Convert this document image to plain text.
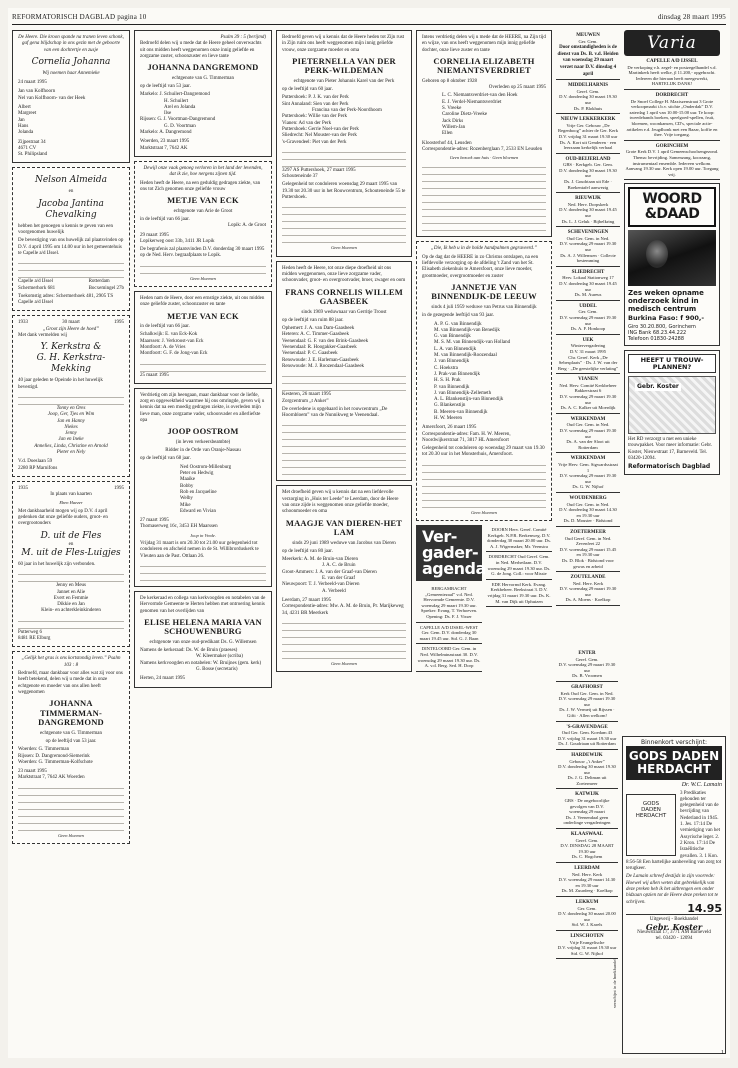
REFORMATORISCH DAGBLAD pagina 10	dinsdag 28 maart 1995
De Heere. Die kroon spande na tranen leven schonk, gaf gena blijdschap in ons gezin met de geboorte van een dochtertje en zusje
Cornelia Johanna
Wij noemen haar Annemieke
24 maart 1995
Jan van Kolfhoorn
Nel van Kolfhoorn- van der Heek
Albert
Margreet
Jan
Hans
Jolanda
Zijpestraat 34
4671 CV
St. Philipsland
Nelson Almeida
en
Jacoba Jantina Chevalking
hebben het genoegen u kennis te geven van een voorgenomen huwelijk
De bevestiging van ons huwelijk zal plaatsvinden op D.V. 4 april 1995 om 14.00 uur in het gemeentehuis te Capelle a/d IJssel.
Capelle a/d IJssel
Schermerhork 681
Rotterdam
Bocxemingel 27b
Toekomstig adres: Schermerhoek 481, 2905 TS Capelle a/d IJssel
1933	30 maart	1995
„Groot zijn Heere de hoed”
Met dank vermelden wij
Y. Kerkstra &
G. H. Kerkstra-Mekking
40 jaar geleden te Opeinde in het huwelijk bevestigd.
Tonny en Ores
Joop, Ger, Tjes en Wim
Jan en Hanny
Niekes
Jenny
Jan en Ineke
Annelies, Linda, Christine en Arnold
Pieter en Nely
V.d. Doeslaan 59
2280 RP Marnifons
1935	1995
In plaats van kaarten
Eben Haezer
Met dankbaarheid mogen wij op D.V. 4 april gedenken dat onze geliefde ouders, groot- en overgrootouders
D. uit de Fles
en
M. uit de Fles-Luigjes
60 jaar in het huwelijk zijn verbonden.
Jenny en Meus
Jannet en Alie
Evert en Femmie
Dikkie en Jan
Klein- en achterkleinkinderen
Putterweg 6
8481 RE Elburg
„Gelijk het gras is ons kortstondig leven.” Psalm 103 : 8
Bedroefd, maar dankbaar voor alles wat zij voor ons heeft betekend, delen wij u mede dat in onze echtgenote en moeder van ons allen heeft weggenomen
JOHANNA TIMMERMAN-DANGREMOND
echtgenote van G. Timmerman
op de leeftijd van 53 jaar.
Woerden: G. Timmerman
Rijssen: D. Dangremond-Siemerink
Woerden: G. Timmerman-Kolfschote
23 maart 1995
Marktstraat 7, 7642 AK Woerden
Geen bloemen
Psalm 39 : 5 (berijmd)
Bedroefd delen wij u mede dat de Heere geheel onverwachts uit ons midden heeft weggenomen onze innig geliefde en zorgzame zuster, schoonzuster en lieve tante
JOHANNA DANGREMOND
echtgenote van G. Timmerman
op de leeftijd van 53 jaar.
Markelo: J. Schuilert-Dangremond
H. Schuilert
Arel en Jolanda
Ilse
Rijssen: G. J. Voortman-Dangremond
G. D. Voortman
Markelo: A. Dangremond
Woerden, 23 maart 1995
Marktstraat 7, 7642 AK
Dewijl onze vaak genoeg verloren in het land der levenden, dat ik zie, hoe nergens zijnen tijd.
Heden heeft de Heere, na een geduldig gedragen ziekte, van ons tot Zich genomen onze geliefde vrouw
METJE VAN ECK
echtgenote van Arie de Groot
in de leeftijd van 66 jaar.
Lopik: A. de Groot
29 maart 1995
Lopikerweg oost 33b, 3411 JR Lopik
De begrafenis zal plaatsvinden D.V. donderdag 30 maart 1995 op de Ned. Herv. begraafplaats te Lopik.
Geen bloemen
Heden nam de Heere, door een ernstige ziekte, uit ons midden onze geliefde zuster, schoonzuster en tante
METJE VAN ECK
in de leeftijd van 66 jaar.
Schalkwijk: E. van Eck-Kok
Maarssen: J. Verkroost-van Eck
Montfoort: A. de Vries
Montfoort: G. F. de Jong-van Eck
25 maart 1995
Verdrietig om zijn heengaan, maar dankbaar voor de liefde, zorg en opgewektheid waarmee hij ons omringde, geven wij u kennis dat na een moedig gedragen ziekte, is overleden mijn lieve man, onze zorgzame vader, schoonvader en allerliefste opa
JOOP OOSTROM
(in leven verkeersbeambte)
Ridder in de Orde van Oranje-Nassau
op de leeftijd van 68 jaar.
Ned Oostrom-Millenburg
Peter en Hedwig
Maaike
Bobby
Rob en Jacqueline
Welby
Mike
Edward en Vivian
27 maart 1995
Thomaserweg 16c, 3453 EH Maarssen
Joop in Vrede.
Vrijdag 31 maart is om 20.30 tot 21.00 uur gelegenheid tot condoleren en afscheid nemen in de St. Willibrorduskerk te Vleuten aan de Past. Ottlaan 26.
De kerkeraad en collega van kerkvoogden en notabelen van de Hervormde Gemeente te Herten hebben met ontroering kennis genomen van het overlijden van
ELISE HELENA MARIA VAN SCHOUWENBURG
echtgenote van onze oud-predikant Ds. G. Willemsen
Namens de kerkeraad: Ds. W. de Bruin (praeses)
W. Kleermaker (scriba)
Namens kerkvoogden en notabelen: W. Bruijnes (gem. kerk)
G. Bosse (secretaris)
Herten, 24 maart 1995
Bedroefd geven wij u kennis dat de Heere heden tot Zijn rust in Zijn ruim ons heeft weggenomen mijn innig geliefde vrouw, onze zorgzame moeder en oma
PIETERNELLA VAN DER PERK-WILDEMAN
echtgenote van Pieter Johannis Karel van der Perk
op de leeftijd van 60 jaar.
Puttershoek: P. J. K. van der Perk
Sint Annaland: Sien van der Perk
Francina van der Perk-Noordhoom
Puttershoek: Willie van der Perk
Vianen: Ad van der Perk
Puttershoek: Gerrie Noel-van der Perk
Sliedrecht: Nel Mouster-van der Perk
's-Gravendeel: Piet van der Perk
3297 AS Puttershoek, 27 maart 1995
Schouteneinde 37
Gelegenheid tot condoleren woensdag 29 maart 1995 van 19.30 tot 20.30 uur in het Rouwcentrum, Schouteneinde 55 te Puttershoek.
Geen bloemen
Heden heeft de Heere, tot onze diepe droefheid uit ons midden weggenomen, onze lieve zorgzame vader, schoonvader, groot- en overgrootvader, broer, zwager en oom
FRANS CORNELIS WILLEM GAASBEEK
sinds 1969 weduwnaar van Gerritje Troost
op de leeftijd van ruim 88 jaar.
Ophemert: J. A. van Dam-Gaasbeek
Heteren: A. C. Timmer-Gaasbeek
Veenendaal: G. F. van den Brink-Gaasbeek
Veenendaal: R. Hoogakker-Gaasbeek
Veenendaal: P. C. Gaasbeek
Renswoude: J. E. Harleman-Gaasbeek
Renswoude: M. J. Roozendaal-Gaasbeek
Kesteren, 26 maart 1995
Zorgcentrum „t Anker”
De overledene is opgebaard in het rouwcentrum „De Hoornbloem” van de Nunnikweg te Veenendaal.
Met droefheid geven wij u kennis dat na een liefdevolle verzorging in „Huis ter Leede” te Leerdam, door de Heere van onze zijde is weggenomen onze geliefde moeder, schoonmoeder en oma
MAAGJE VAN DIEREN-HET LAM
sinds 29 juni 1989 weduwe van Jacobus van Dieren
op de leeftijd van 80 jaar.
Meerkerk: A. M. de Bruin-van Dieren
J. A. C. de Bruin
Groot-Ammers: J. A. van der Graaf-van Dieren
E. van der Graaf
Nieuwpoort: T. J. Verbeeld-van Dieren
A. Verbeeld
Leerdam, 27 maart 1995
Correspondentie-adres: Mw. A. M. de Bruin, Pr. Marijkeweg 34, 4231 BR Meerkerk
Geen bloemen
Intens verdrietig delen wij u mede dat de HEERE, na Zijn tijd en wijze, van ons heeft weggenomen mijn innig geliefde dochter, onze lieve zuster en tante
CORNELIA ELIZABETH NIEMANTSVERDRIET
Geboren op 8 oktober 1928
Overleden op 25 maart 1995
L. C. Niemantsverdriet-van den Hoek
E. J. Verdel-Niemantsverdriet
S. Vreeke
Caroline Dietz-Vreeke
Jack Dirks
Willem-Jan
Ellen
Kloosterhof 44, Leusden
Correspondentie-adres: Rozenberglaan 7, 2533 EN Leusden
Geen bezoek aan huis · Geen bloemen
„Die, Ik heb u in de holde handpalmen gegraveerd.”
Op de dag dat de HEERE in zo Christus ontslapen, na een liefdevolle verzorging op de afdeling 't Zand van het St. Elisabeth ziekenhuis te Amersfoort, onze lieve moeder, grootmoeder, overgrootmoeder en zuster
JANNETJE VAN BINNENDIJK-DE LEEUW
sinds 4 juli 1959 weduwe van Petrus van Binnendijk
in de gezegende leeftijd van 93 jaar.
A. P. G. van Binnendijk
M. van Binnendijk-van Benedijk
G. van Binnendijk
M. S. M. van Binnendijk-van Holland
L. A. van Binnendijk
M. van Binnendijk-Roozendaal
J. van Binnendijk
C. Hoekstra
J. Prak-van Binnendijk
H. S. H. Prak
P. van Binnendijk
J. van Binnendijk-Zellemeth
A. L. Blankenstijn-van Binnendijk
G. Blankenstijn
B. Meeren-van Binnendijk
H. W. Meeren
Amersfoort, 26 maart 1995
Correspondentie-adres: Fam. H. W. Meeren, Noordwijkerstraat 71, 3817 HL Amersfoort
Gelegenheid tot condoleren op woensdag 29 maart van 19.30 tot 20.30 uur in het Monsterhuis, Amersfoort.
Geen bloemen
Ver-
gader-
agenda
BERGAMBACHT „Gemeentezaal” v.d. Ned. Hervormde Gemeente. D.V. woensdag 29 maart 19.30 uur. Spreker: Evang. T. Verhoeven. Opening: Ds. F. J. Visser
CAPELLE A/D IJSSEL-WEST Ger. Gem. D.V. donderdag 30 maart 19.45 uur. Std. G. J. Baan
DINTELOORD Ger. Gem. in Ned. Wilhelminastraat 30. D.V. woensdag 29 maart 19.30 uur. Ds. A. v.d. Berg. Sed. H. Dorp
DOORN Herv. Geref. Comité Kerkgeb. N.P.R. Berkenweg. D.V. donderdag 30 maart 20.00 uur. Ds. A. J. Wigermaker, Mr. Veenstra
DORDRECHT Oud Geref. Gem. in Ned. Merhetlaan. D.V. woensdag 29 maart 19.30 uur. Ds. G. de Jong. Coll.: voor Missie
EDE Hervormd Kerk. Evang. Kerkbeheer. Beekstraat 3. D.V. vrijdag 31 maart 19.30 uur. Ds. K. M. van Dijk uit Ophuizen
ENTER
Geref. Gem.
D.V. woensdag 29 maart 19.30 uur
Ds. B. Vroomen
GRAFHORST
Kerk Oud Ger. Gem. in Ned.
D.V. woensdag 29 maart 19.30 uur
Ds. J. W. Vermeij uit Rijssen · Gifti · Allen welkom!
'S-GRAVENDAGE
Oud Ger. Gem. Koedam 43
D.V. vrijdag 31 maart 19.30 uur
Ds. J. Goudriaan uit Rotterdam
HARDEWIJK
Gebouw „'t Anker”
D.V. donderdag 30 maart 19.30 uur
Ds. J. G. Deltman uit Zoetermeer
KATWIJK
GBS · De ongeboorlijke gevolgen van D.V.
woensdag 29 maart
Ds. J. Veenendaal geen onderlinge vergaderingen
KLAASWAAL
Geref. Gem.
D.V. DINSDAG 28 MAART 19.30 uur
Ds. C. Hogchem
LEERDAM
Ned. Herv. Kerk
D.V. woensdag 29 maart 14.30 en 19.30 uur
Ds. M. Zuurdeeg · Koelkop
LEKKUM
Ger. Gem.
D.V. donderdag 30 maart 20.00 uur
Std. W. J. Karels
LINSCHOTEN
Vrije Evangelische
D.V. vrijdag 31 maart 19.30 uur
Std. G. W. Nijhof
Binnenkort verschijnt:
GODS DADEN
HERDACHT
Dr. W.C. Lamain
GODS
DADEN
HERDACHT
3 Predikaties gehouden ter gelegenheid van de bevrijding van Nederland in 1945. 1. Jes. 17:14 De vernietiging van het Assyrische leger. 2. 2 Kron. 17:14 De Israëlitische gevallen. 3. 1 Kon. 8:56-58 Een hartelijke aanbeveling van zorg tot terugkeer.
De Lamain schreef destijds in zijn voorrede: Hoewel wij allen weten dat gebrekkelijk van deze preken heb ik het uitbrengen een onder bidzaan opzien tot de Heere deze preken tot te schrijven.	14.95
Uitgeverij - Boekhandel
Gebr. Koster
Nieuwstraat 17, 3771 AM Barneveld
tel. 03420 - 12094
verschijnt in de boekhandel
MEUWEN
Ger. Gem.
Door omstandigheden is de dienst van Ds. B. v.d. Heiden van woensdag 29 maart verzet naar D.V. dinsdag 4 april
MIDDELHARNIS
Geref. Gem.
D.V. donderdag 30 maart 19.30 uur
Ds. P. Blokhuis
NIEUW LEKKERKERK
Vrije Ger. Gebouw „De Regenboog” achter de Ger. Kerk
D.V. vrijdag 31 maart 19.30 uur
Ds. A. Kort uit Genderen · een leerzaam kerkelijk verhaal
OUD-BEIJERLAND
GBS · Kerkgeb. Ger. Gem.
D.V. donderdag 30 maart 19.30 uur
Ds. J. Goudriaan uit Ede · Boekentafel aanwezig
RIEUWIJK
Ned. Herv. Dorpskerk
D.V. donderdag 30 maart 19.45 uur
Ds. L. J. Geluk · Bijbelkring
SCHEVENINGEN
Oud Ger. Gem. in Ned.
D.V. woensdag 29 maart 19.30 uur
Ds. A. J. Willemsen · Collecte bestemming
SLIEDRECHT
Herv. Lokaal Stationweg 17
D.V. donderdag 30 maart 19.45 uur
Ds. M. Aureus
UDDEL
Ger. Gem.
D.V. woensdag 29 maart 19.30 uur
Ds. A. F. Honkoop
UEK
Wintervergadering
D.V. 31 maart 1995
Chr. Geref. Kerk „De Sebesplaats” · Ds. J. W. van der Berg · „De geestelijke verlating”
VIANEN
Ned. Herv. Comité Kerkbeheer Bakkerstraat 6
D.V. woensdag 29 maart 19.30 uur
Ds. A. C. Kalker uit Moerdijk
WERKENDAM
Oud Ger. Gem. in Ned.
D.V. woensdag 29 maart 19.30 uur
Ds. A. van der Sloot uit Rotterdam
WERKENDAM
Vrije Herv. Gem. Sigwardsstraat 1
D.V. woensdag 29 maart 19.30 uur
Ds. G. W. Nijhof
WOUDENBERG
Oud Ger. Gem. in Ned.
D.V. donderdag 30 maart 14.30 en 19.30 uur
Ds. D. Mouster · Bidstond
ZOETERMEER
Oud Geref. Gem. in Ned. Zevenfeet 22
D.V. woensdag 29 maart 15.45 en 19.30 uur
Ds. D. Blok · Bidstond voor gewas en arbeid
ZOUTELANDE
Ned. Herv. Kerk
D.V. woensdag 29 maart 19.30 uur
Ds. A. Moens · Koelkop
Varia
CAPELLE A/D IJSSEL
De verkoping v.h. zegel- en postzegelhandel v.d. Martinkerk heeft welke, jl 11.200,- opgebracht. Iedereen die hieraan heeft meegewerkt, HARTELIJK DANK!
DORDRECHT
De Snoef College H. Maxiszenstraat 3 Grote verkoopmarkt t.b.v. stichte „Onderdak” D.V. zaterdag 1 april van 10.00-15.00 uur. Te koop: tweedehands boeken, speelgoed-spellen, fruit, bloemen, woonkansen, CD's, speciale actie-artikelen e.d. Jeugdhonk met een Bazar, koffie en thee. Vrije toegang.
GORINCHEM
Grote Kerk D.V. 1 april Gemeenschoolsengezond. Thema: bevrijding. Samenzang, koorzang, instrumentaal ensemble. Iedereen welkom. Aanvang 19.30 uur. Kerk open 19.00 uur. Toegang vrij.
WOORD
&DAAD
Zes weken opname onderzoek kind in medisch centrum
Burkina Faso: f 900,-
Giro 30.20.800, Gorinchem
ING Bank 68.23.44.222
Telefoon 01830-24288
HEEFT U TROUW-
PLANNEN?
Gebr. Koster
Het RD verzorgt u met een unieke trouwpakket. Voor meer informatie: Gebr. Koster, Nieuwstraat 17, Barneveld. Tel. 03420-12094.
Reformatorisch Dagblad
1
